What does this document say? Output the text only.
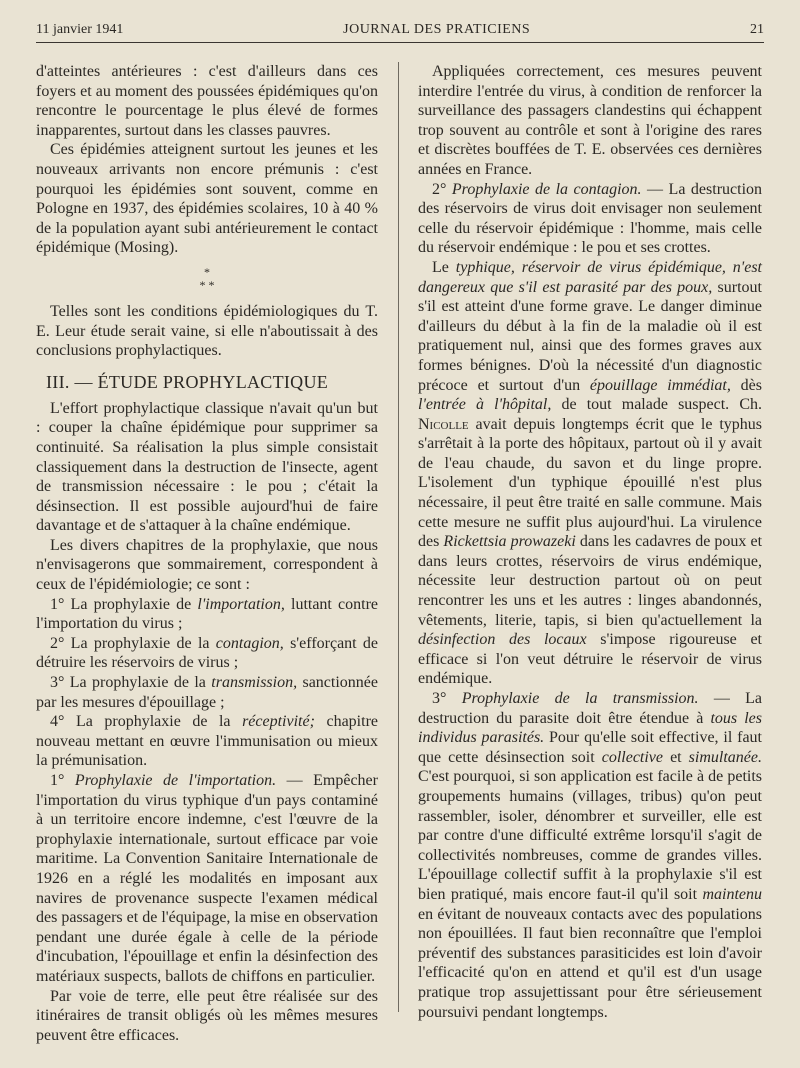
11 janvier 1941	JOURNAL DES PRATICIENS	21

d'atteintes antérieures : c'est d'ailleurs dans ces foyers et au moment des poussées épidémiques qu'on rencontre le pourcentage le plus élevé de formes inapparentes, surtout dans les classes pauvres.

Ces épidémies atteignent surtout les jeunes et les nouveaux arrivants non encore prémunis : c'est pourquoi les épidémies sont souvent, comme en Pologne en 1937, des épidémies scolaires, 10 à 40 % de la population ayant subi antérieurement le contact épidémique (Mosing).

*
* *

Telles sont les conditions épidémiologiques du T. E. Leur étude serait vaine, si elle n'aboutissait à des conclusions prophylactiques.

III. — ÉTUDE PROPHYLACTIQUE

L'effort prophylactique classique n'avait qu'un but : couper la chaîne épidémique pour supprimer sa continuité. Sa réalisation la plus simple consistait classiquement dans la destruction de l'insecte, agent de transmission nécessaire : le pou ; c'était la désinsection. Il est possible aujourd'hui de faire davantage et de s'attaquer à la chaîne endémique.

Les divers chapitres de la prophylaxie, que nous n'envisagerons que sommairement, correspondent à ceux de l'épidémiologie; ce sont :

1° La prophylaxie de l'importation, luttant contre l'importation du virus ;

2° La prophylaxie de la contagion, s'efforçant de détruire les réservoirs de virus ;

3° La prophylaxie de la transmission, sanctionnée par les mesures d'épouillage ;

4° La prophylaxie de la réceptivité; chapitre nouveau mettant en œuvre l'immunisation ou mieux la prémunisation.

1° Prophylaxie de l'importation. — Empêcher l'importation du virus typhique d'un pays contaminé à un territoire encore indemne, c'est l'œuvre de la prophylaxie internationale, surtout efficace par voie maritime. La Convention Sanitaire Internationale de 1926 en a réglé les modalités en imposant aux navires de provenance suspecte l'examen médical des passagers et de l'équipage, la mise en observation pendant une durée égale à celle de la période d'incubation, l'épouillage et enfin la désinfection des matériaux suspects, ballots de chiffons en particulier.

Par voie de terre, elle peut être réalisée sur des itinéraires de transit obligés où les mêmes mesures peuvent être efficaces.

Appliquées correctement, ces mesures peuvent interdire l'entrée du virus, à condition de renforcer la surveillance des passagers clandestins qui échappent trop souvent au contrôle et sont à l'origine des rares et discrètes bouffées de T. E. observées ces dernières années en France.

2° Prophylaxie de la contagion. — La destruction des réservoirs de virus doit envisager non seulement celle du réservoir épidémique : l'homme, mais celle du réservoir endémique : le pou et ses crottes.

Le typhique, réservoir de virus épidémique, n'est dangereux que s'il est parasité par des poux, surtout s'il est atteint d'une forme grave. Le danger diminue d'ailleurs du début à la fin de la maladie où il est pratiquement nul, ainsi que des formes graves aux formes bénignes. D'où la nécessité d'un diagnostic précoce et surtout d'un épouillage immédiat, dès l'entrée à l'hôpital, de tout malade suspect. Ch. Nicolle avait depuis longtemps écrit que le typhus s'arrêtait à la porte des hôpitaux, partout où il y avait de l'eau chaude, du savon et du linge propre. L'isolement d'un typhique épouillé n'est plus nécessaire, il peut être traité en salle commune. Mais cette mesure ne suffit plus aujourd'hui. La virulence des Rickettsia prowazeki dans les cadavres de poux et dans leurs crottes, réservoirs de virus endémique, nécessite leur destruction partout où on peut rencontrer les uns et les autres : linges abandonnés, vêtements, literie, tapis, si bien qu'actuellement la désinfection des locaux s'impose rigoureuse et efficace si l'on veut détruire le réservoir de virus endémique.

3° Prophylaxie de la transmission. — La destruction du parasite doit être étendue à tous les individus parasités. Pour qu'elle soit effective, il faut que cette désinsection soit collective et simultanée. C'est pourquoi, si son application est facile à de petits groupements humains (villages, tribus) qu'on peut rassembler, isoler, dénombrer et surveiller, elle est par contre d'une difficulté extrême lorsqu'il s'agit de collectivités nombreuses, comme de grandes villes. L'épouillage collectif suffit à la prophylaxie s'il est bien pratiqué, mais encore faut-il qu'il soit maintenu en évitant de nouveaux contacts avec des populations non épouillées. Il faut bien reconnaître que l'emploi préventif des substances parasiticides est loin d'avoir l'efficacité qu'on en attend et qu'il est d'un usage pratique trop assujettissant pour être sérieusement poursuivi pendant longtemps.
